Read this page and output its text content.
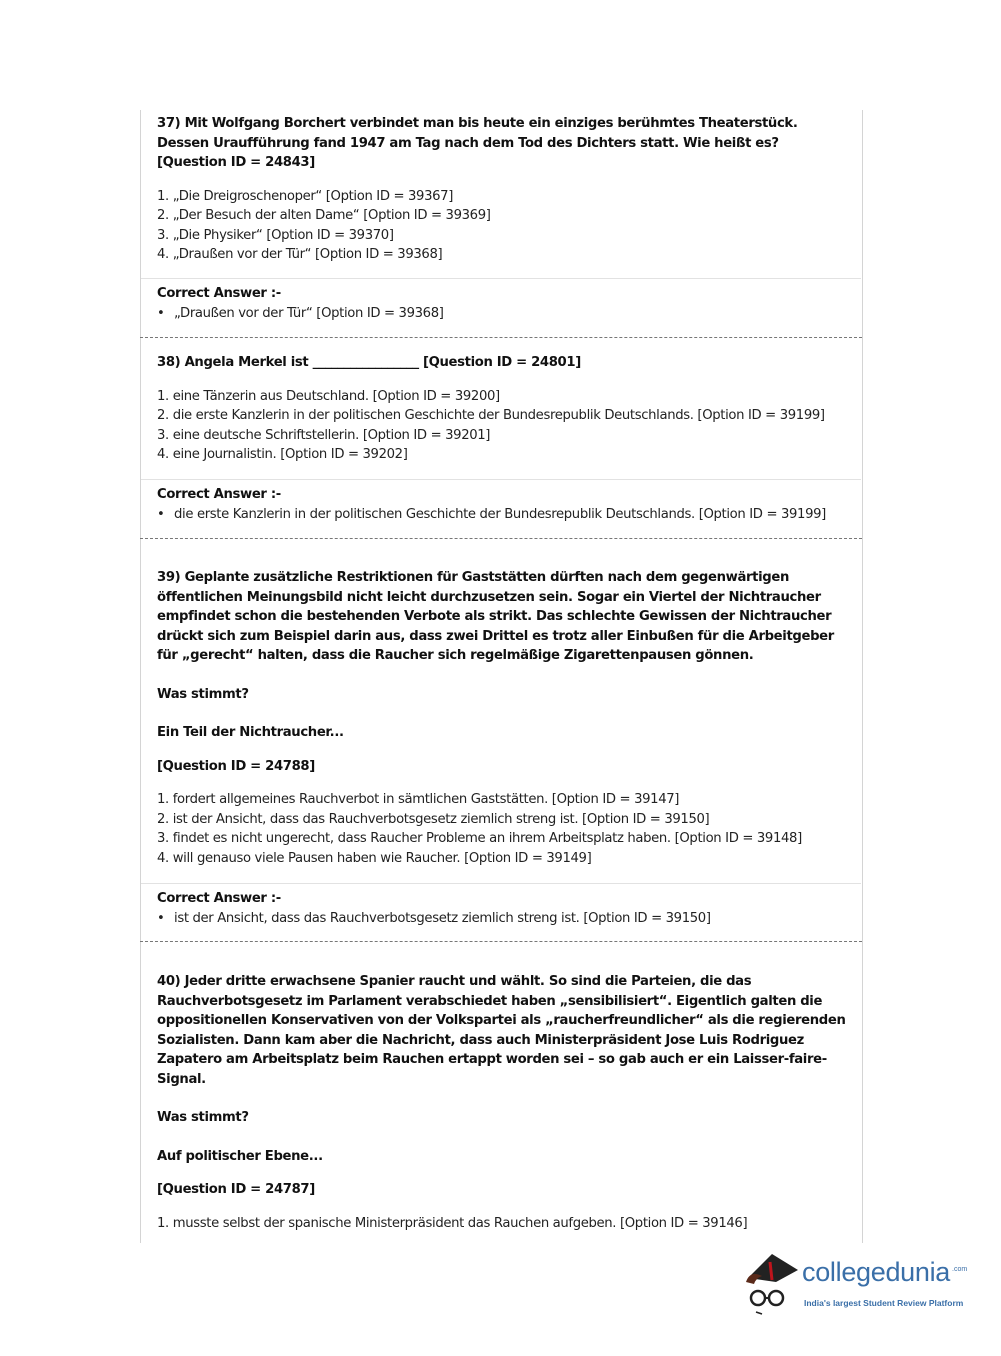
37) Mit Wolfgang Borchert verbindet man bis heute ein einziges berühmtes Theaterstück.
Dessen Uraufführung fand 1947 am Tag nach dem Tod des Dichters statt. Wie heißt es?
[Question ID = 24843]
1. „Die Dreigroschenoper“ [Option ID = 39367]
2. „Der Besuch der alten Dame“ [Option ID = 39369]
3. „Die Physiker“ [Option ID = 39370]
4. „Draußen vor der Tür“ [Option ID = 39368]
Correct Answer :-
• „Draußen vor der Tür“ [Option ID = 39368]
38) Angela Merkel ist _________________ [Question ID = 24801]
1. eine Tänzerin aus Deutschland. [Option ID = 39200]
2. die erste Kanzlerin in der politischen Geschichte der Bundesrepublik Deutschlands. [Option ID = 39199]
3. eine deutsche Schriftstellerin. [Option ID = 39201]
4. eine Journalistin. [Option ID = 39202]
Correct Answer :-
• die erste Kanzlerin in der politischen Geschichte der Bundesrepublik Deutschlands. [Option ID = 39199]
39) Geplante zusätzliche Restriktionen für Gaststätten dürften nach dem gegenwärtigen
öffentlichen Meinungsbild nicht leicht durchzusetzen sein. Sogar ein Viertel der Nichtraucher
empfindet schon die bestehenden Verbote als strikt. Das schlechte Gewissen der Nichtraucher
drückt sich zum Beispiel darin aus, dass zwei Drittel es trotz aller Einbußen für die Arbeitgeber
für „gerecht“ halten, dass die Raucher sich regelmäßige Zigarettenpausen gönnen.
Was stimmt?
Ein Teil der Nichtraucher...
[Question ID = 24788]
1. fordert allgemeines Rauchverbot in sämtlichen Gaststätten. [Option ID = 39147]
2. ist der Ansicht, dass das Rauchverbotsgesetz ziemlich streng ist. [Option ID = 39150]
3. findet es nicht ungerecht, dass Raucher Probleme an ihrem Arbeitsplatz haben. [Option ID = 39148]
4. will genauso viele Pausen haben wie Raucher. [Option ID = 39149]
Correct Answer :-
• ist der Ansicht, dass das Rauchverbotsgesetz ziemlich streng ist. [Option ID = 39150]
40) Jeder dritte erwachsene Spanier raucht und wählt. So sind die Parteien, die das
Rauchverbotsgesetz im Parlament verabschiedet haben „sensibilisiert“. Eigentlich galten die
oppositionellen Konservativen von der Volkspartei als „raucherfreundlicher“ als die regierenden
Sozialisten. Dann kam aber die Nachricht, dass auch Ministerpräsident Jose Luis Rodriguez
Zapatero am Arbeitsplatz beim Rauchen ertappt worden sei – so gab auch er ein Laisser-faire-
Signal.
Was stimmt?
Auf politischer Ebene...
[Question ID = 24787]
1. musste selbst der spanische Ministerpräsident das Rauchen aufgeben. [Option ID = 39146]
collegedunia .com
India's largest Student Review Platform
